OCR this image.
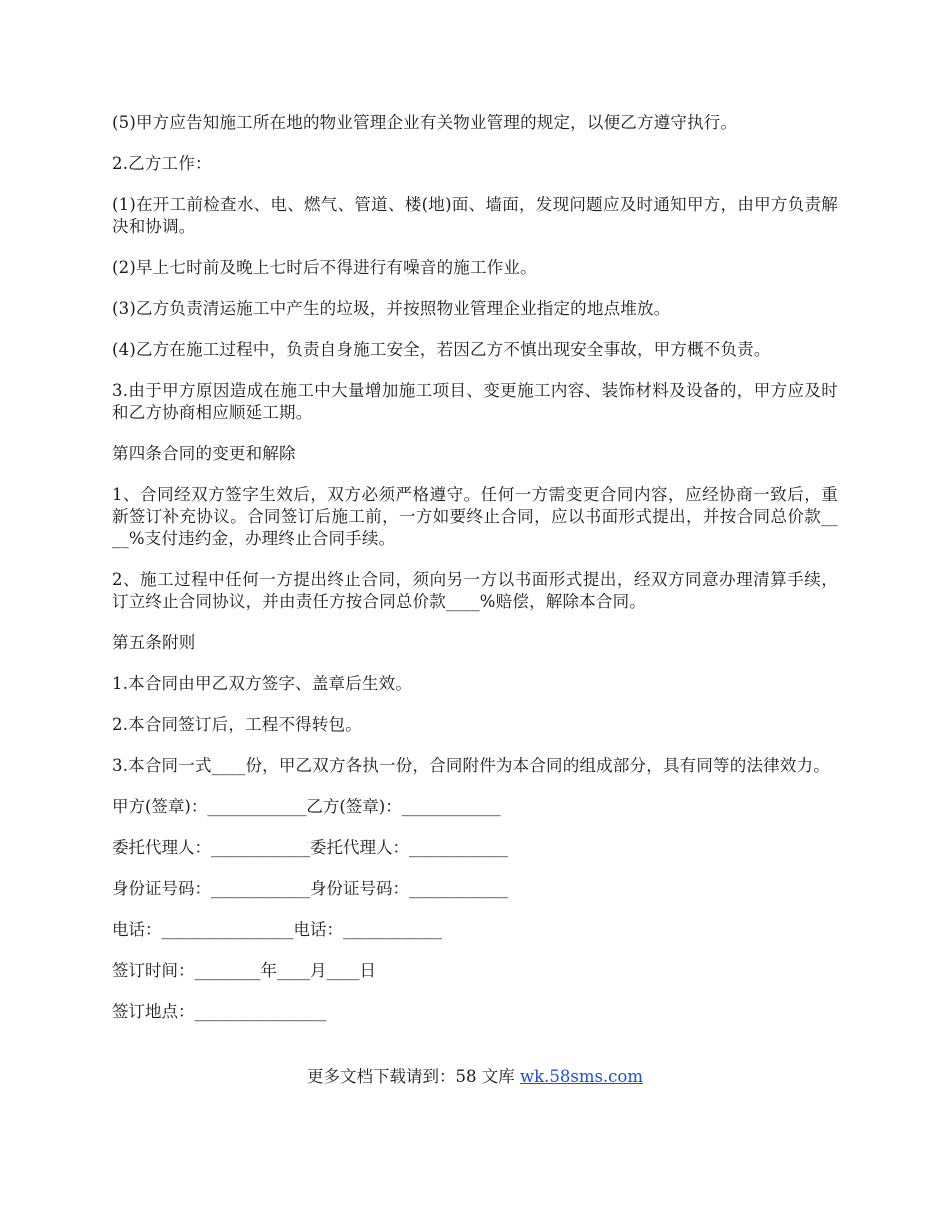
(5)甲方应告知施工所在地的物业管理企业有关物业管理的规定，以便乙方遵守执行。

2.乙方工作：

(1)在开工前检查水、电、燃气、管道、楼(地)面、墙面，发现问题应及时通知甲方，由甲方负责解决和协调。

(2)早上七时前及晚上七时后不得进行有噪音的施工作业。

(3)乙方负责清运施工中产生的垃圾，并按照物业管理企业指定的地点堆放。

(4)乙方在施工过程中，负责自身施工安全，若因乙方不慎出现安全事故，甲方概不负责。

3.由于甲方原因造成在施工中大量增加施工项目、变更施工内容、装饰材料及设备的，甲方应及时和乙方协商相应顺延工期。

第四条合同的变更和解除

1、合同经双方签字生效后，双方必须严格遵守。任何一方需变更合同内容，应经协商一致后，重新签订补充协议。合同签订后施工前，一方如要终止合同，应以书面形式提出，并按合同总价款____%支付违约金，办理终止合同手续。

2、施工过程中任何一方提出终止合同，须向另一方以书面形式提出，经双方同意办理清算手续，订立终止合同协议，并由责任方按合同总价款____%赔偿，解除本合同。

第五条附则

1.本合同由甲乙双方签字、盖章后生效。

2.本合同签订后，工程不得转包。

3.本合同一式____份，甲乙双方各执一份，合同附件为本合同的组成部分，具有同等的法律效力。

甲方(签章)：____________乙方(签章)：____________
委托代理人：____________委托代理人：____________
身份证号码：____________身份证号码：____________
电话：________________电话：____________
签订时间：________年____月____日
签订地点：________________
更多文档下载请到：58 文库 wk.58sms.com
